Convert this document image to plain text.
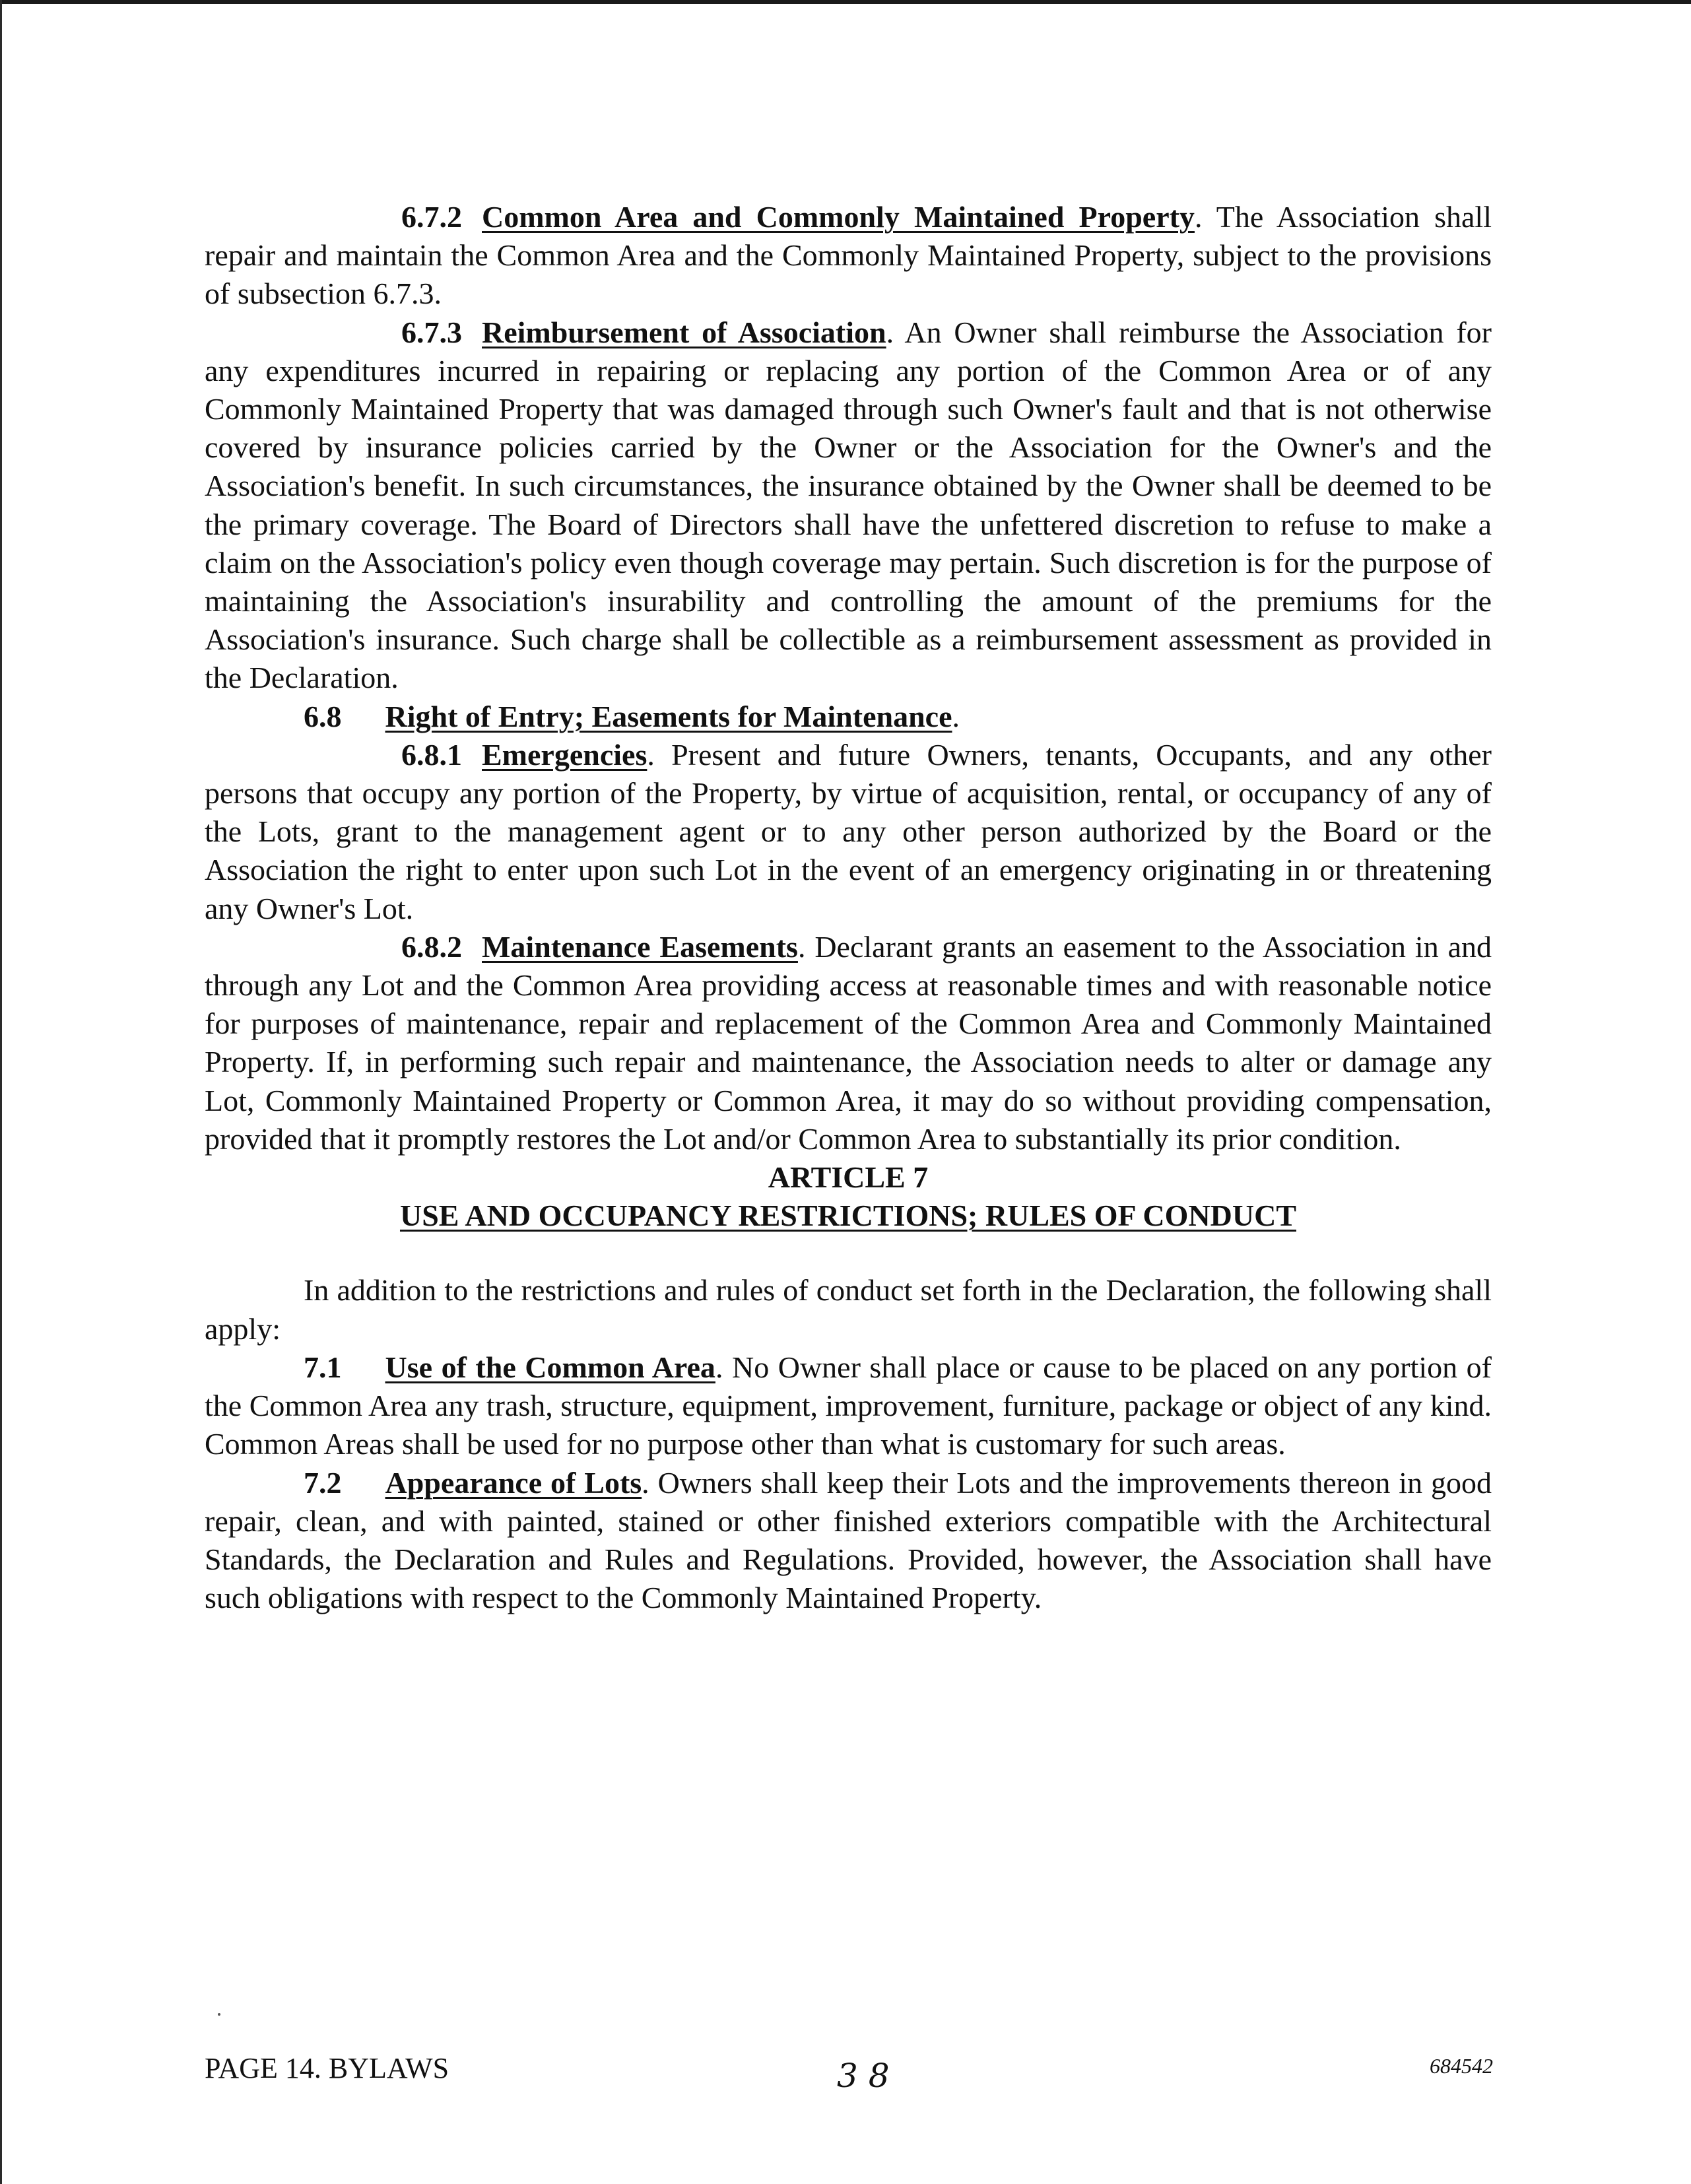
6.7.2 Common Area and Commonly Maintained Property. The Association shall repair and maintain the Common Area and the Commonly Maintained Property, subject to the provisions of subsection 6.7.3.

6.7.3 Reimbursement of Association. An Owner shall reimburse the Association for any expenditures incurred in repairing or replacing any portion of the Common Area or of any Commonly Maintained Property that was damaged through such Owner's fault and that is not otherwise covered by insurance policies carried by the Owner or the Association for the Owner's and the Association's benefit. In such circumstances, the insurance obtained by the Owner shall be deemed to be the primary coverage. The Board of Directors shall have the unfettered discretion to refuse to make a claim on the Association's policy even though coverage may pertain. Such discretion is for the purpose of maintaining the Association's insurability and controlling the amount of the premiums for the Association's insurance. Such charge shall be collectible as a reimbursement assessment as provided in the Declaration.

6.8 Right of Entry; Easements for Maintenance.

6.8.1 Emergencies. Present and future Owners, tenants, Occupants, and any other persons that occupy any portion of the Property, by virtue of acquisition, rental, or occupancy of any of the Lots, grant to the management agent or to any other person authorized by the Board or the Association the right to enter upon such Lot in the event of an emergency originating in or threatening any Owner's Lot.

6.8.2 Maintenance Easements. Declarant grants an easement to the Association in and through any Lot and the Common Area providing access at reasonable times and with reasonable notice for purposes of maintenance, repair and replacement of the Common Area and Commonly Maintained Property. If, in performing such repair and maintenance, the Association needs to alter or damage any Lot, Commonly Maintained Property or Common Area, it may do so without providing compensation, provided that it promptly restores the Lot and/or Common Area to substantially its prior condition.

ARTICLE 7
USE AND OCCUPANCY RESTRICTIONS; RULES OF CONDUCT

In addition to the restrictions and rules of conduct set forth in the Declaration, the following shall apply:

7.1 Use of the Common Area. No Owner shall place or cause to be placed on any portion of the Common Area any trash, structure, equipment, improvement, furniture, package or object of any kind. Common Areas shall be used for no purpose other than what is customary for such areas.

7.2 Appearance of Lots. Owners shall keep their Lots and the improvements thereon in good repair, clean, and with painted, stained or other finished exteriors compatible with the Architectural Standards, the Declaration and Rules and Regulations. Provided, however, the Association shall have such obligations with respect to the Commonly Maintained Property.

PAGE 14. BYLAWS	3 8	684542
